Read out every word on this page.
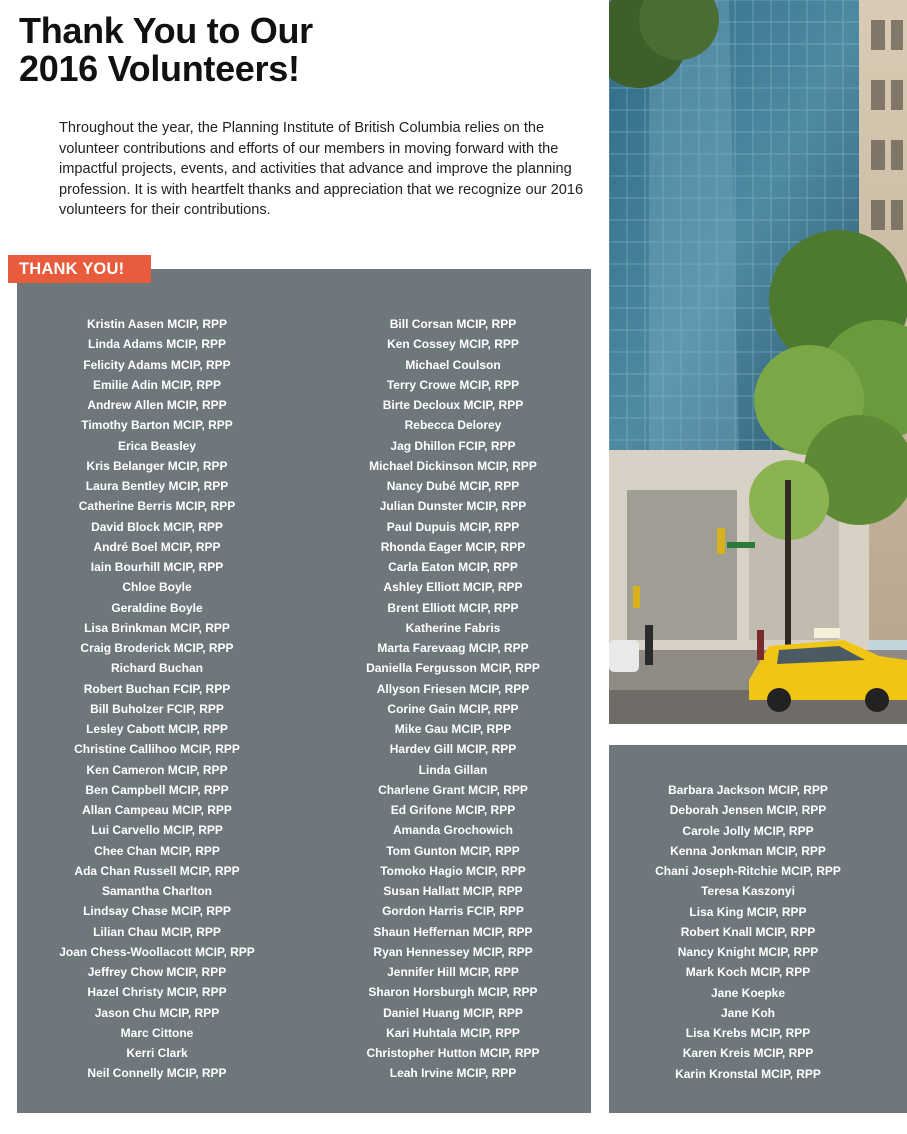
Thank You to Our
2016 Volunteers!

Throughout the year, the Planning Institute of British Columbia relies on the volunteer contributions and efforts of our members in moving forward with the impactful projects, events, and activities that advance and improve the planning profession. It is with heartfelt thanks and appreciation that we recognize our 2016 volunteers for their contributions.

THANK YOU!
Kristin Aasen MCIP, RPP
Linda Adams MCIP, RPP
Felicity Adams MCIP, RPP
Emilie Adin MCIP, RPP
Andrew Allen MCIP, RPP
Timothy Barton MCIP, RPP
Erica Beasley
Kris Belanger MCIP, RPP
Laura Bentley MCIP, RPP
Catherine Berris MCIP, RPP
David Block MCIP, RPP
André Boel MCIP, RPP
Iain Bourhill MCIP, RPP
Chloe Boyle
Geraldine Boyle
Lisa Brinkman MCIP, RPP
Craig Broderick MCIP, RPP
Richard Buchan
Robert Buchan FCIP, RPP
Bill Buholzer FCIP, RPP
Lesley Cabott MCIP, RPP
Christine Callihoo MCIP, RPP
Ken Cameron MCIP, RPP
Ben Campbell MCIP, RPP
Allan Campeau MCIP, RPP
Lui Carvello MCIP, RPP
Chee Chan MCIP, RPP
Ada Chan Russell MCIP, RPP
Samantha Charlton
Lindsay Chase MCIP, RPP
Lilian Chau MCIP, RPP
Joan Chess-Woollacott MCIP, RPP
Jeffrey Chow MCIP, RPP
Hazel Christy MCIP, RPP
Jason Chu MCIP, RPP
Marc Cittone
Kerri Clark
Neil Connelly MCIP, RPP
Bill Corsan MCIP, RPP
Ken Cossey MCIP, RPP
Michael Coulson
Terry Crowe MCIP, RPP
Birte Decloux MCIP, RPP
Rebecca Delorey
Jag Dhillon FCIP, RPP
Michael Dickinson MCIP, RPP
Nancy Dubé MCIP, RPP
Julian Dunster MCIP, RPP
Paul Dupuis MCIP, RPP
Rhonda Eager MCIP, RPP
Carla Eaton MCIP, RPP
Ashley Elliott MCIP, RPP
Brent Elliott MCIP, RPP
Katherine Fabris
Marta Farevaag MCIP, RPP
Daniella Fergusson MCIP, RPP
Allyson Friesen MCIP, RPP
Corine Gain MCIP, RPP
Mike Gau MCIP, RPP
Hardev Gill MCIP, RPP
Linda Gillan
Charlene Grant MCIP, RPP
Ed Grifone MCIP, RPP
Amanda Grochowich
Tom Gunton MCIP, RPP
Tomoko Hagio MCIP, RPP
Susan Hallatt MCIP, RPP
Gordon Harris FCIP, RPP
Shaun Heffernan MCIP, RPP
Ryan Hennessey MCIP, RPP
Jennifer Hill MCIP, RPP
Sharon Horsburgh MCIP, RPP
Daniel Huang MCIP, RPP
Kari Huhtala MCIP, RPP
Christopher Hutton MCIP, RPP
Leah Irvine MCIP, RPP
Barbara Jackson MCIP, RPP
Deborah Jensen MCIP, RPP
Carole Jolly MCIP, RPP
Kenna Jonkman MCIP, RPP
Chani Joseph-Ritchie MCIP, RPP
Teresa Kaszonyi
Lisa King MCIP, RPP
Robert Knall MCIP, RPP
Nancy Knight MCIP, RPP
Mark Koch MCIP, RPP
Jane Koepke
Jane Koh
Lisa Krebs MCIP, RPP
Karen Kreis MCIP, RPP
Karin Kronstal MCIP, RPP
